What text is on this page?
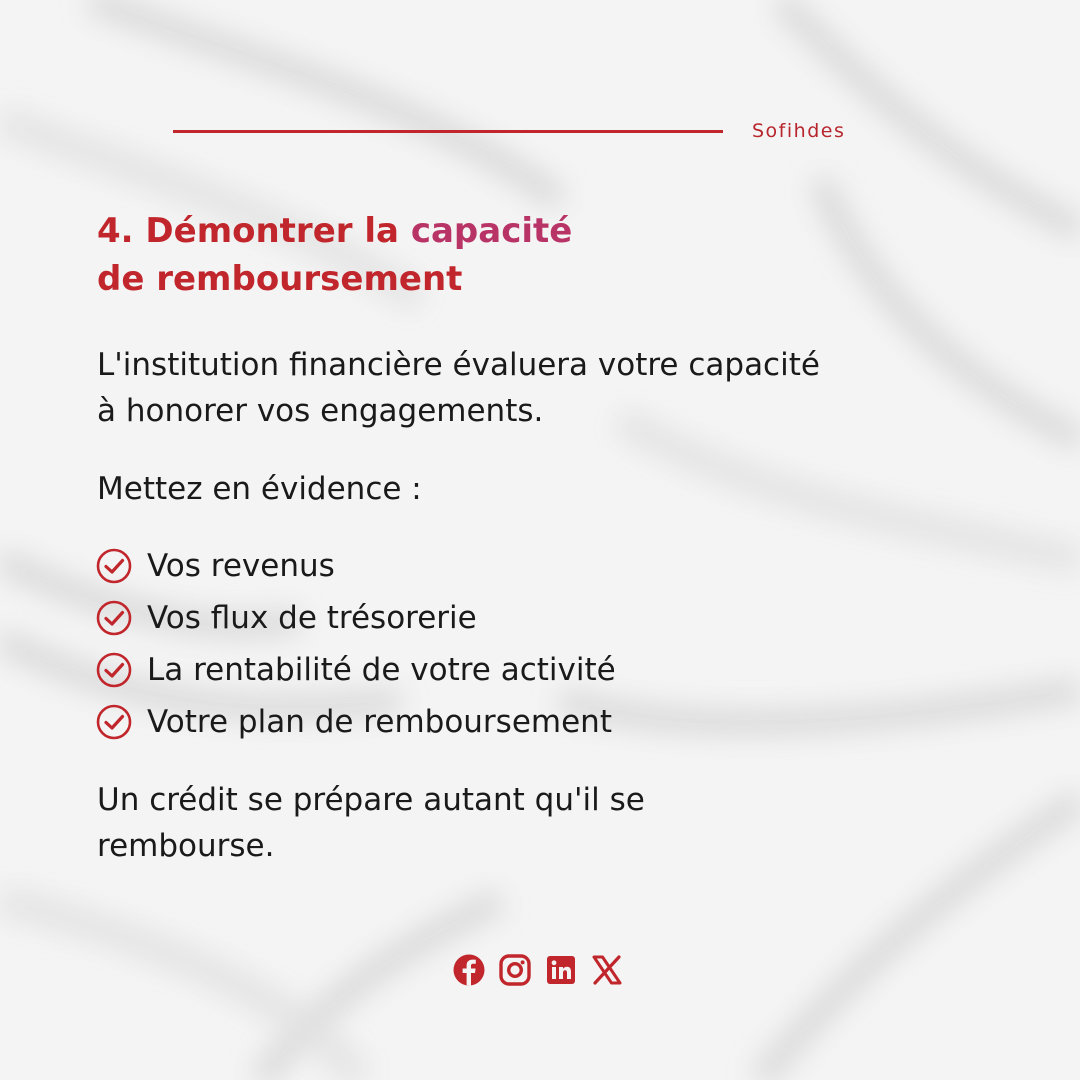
Sofihdes
4. Démontrer la capacité
de remboursement

L'institution financière évaluera votre capacité
à honorer vos engagements.

Mettez en évidence :

Vos revenus
Vos flux de trésorerie
La rentabilité de votre activité
Votre plan de remboursement

Un crédit se prépare autant qu'il se
rembourse.
